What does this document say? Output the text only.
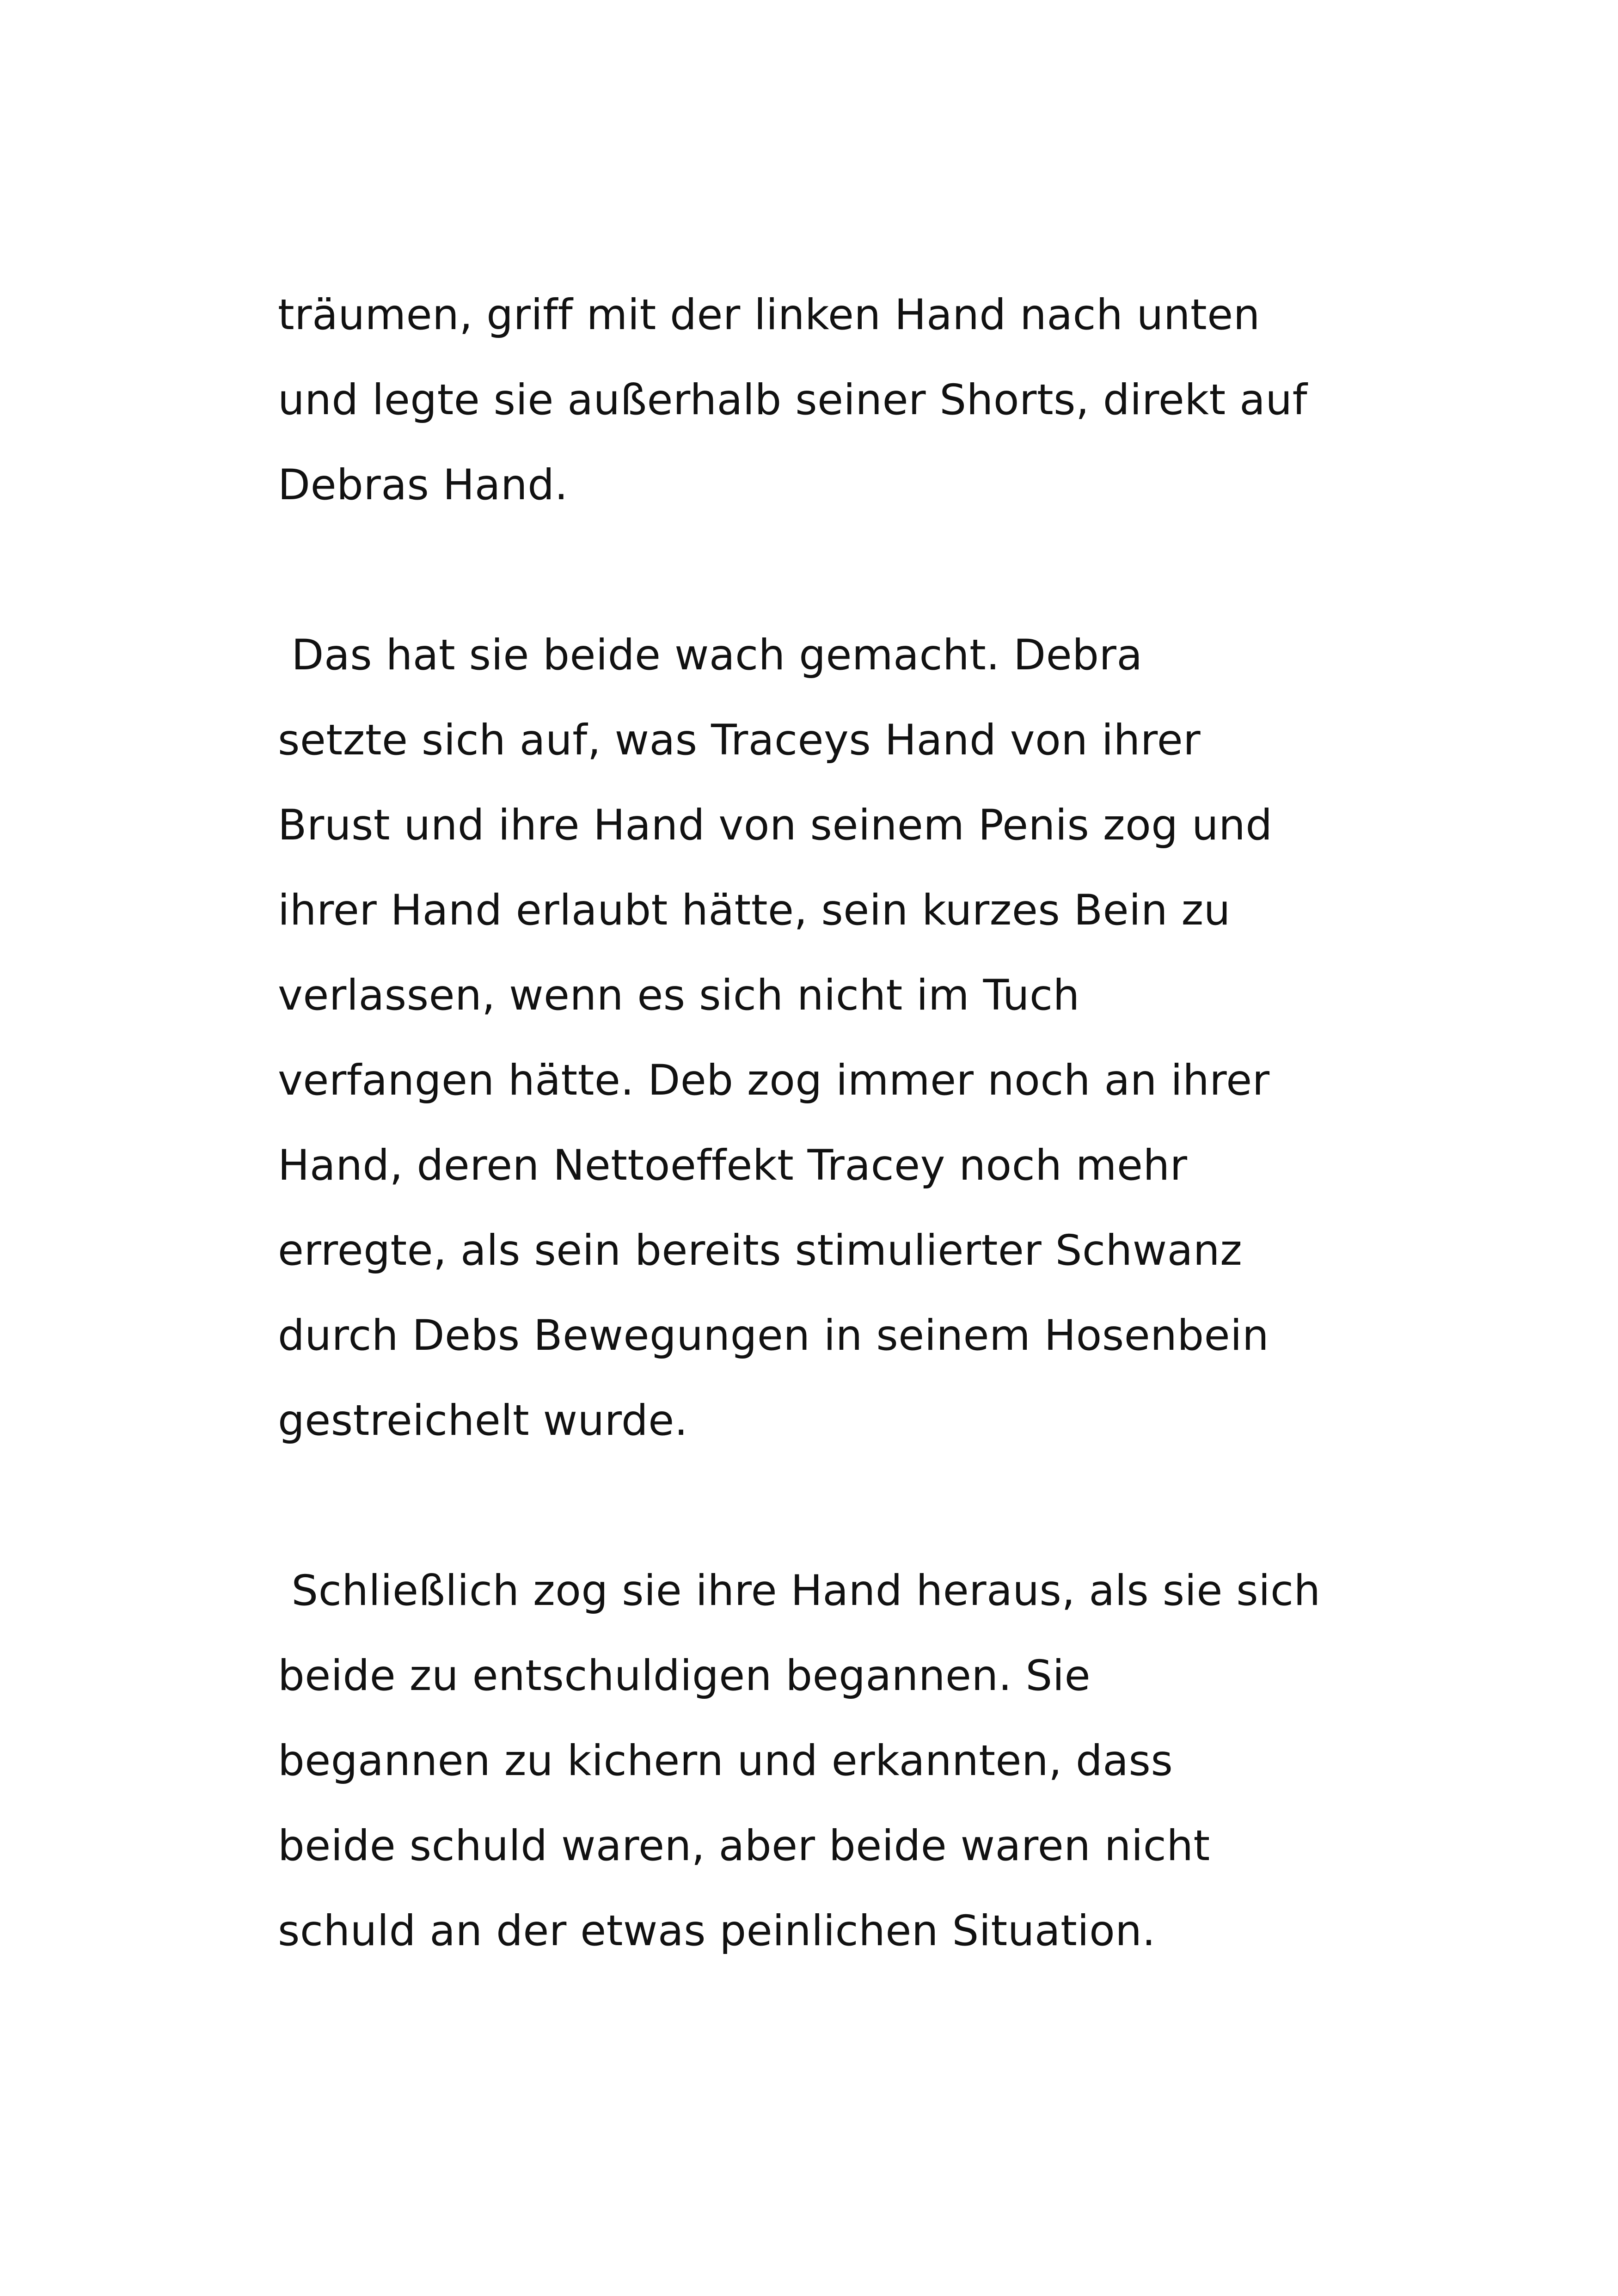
träumen, griff mit der linken Hand nach unten
und legte sie außerhalb seiner Shorts, direkt auf
Debras Hand.

Das hat sie beide wach gemacht. Debra
setzte sich auf, was Traceys Hand von ihrer
Brust und ihre Hand von seinem Penis zog und
ihrer Hand erlaubt hätte, sein kurzes Bein zu
verlassen, wenn es sich nicht im Tuch
verfangen hätte. Deb zog immer noch an ihrer
Hand, deren Nettoeffekt Tracey noch mehr
erregte, als sein bereits stimulierter Schwanz
durch Debs Bewegungen in seinem Hosenbein
gestreichelt wurde.

Schließlich zog sie ihre Hand heraus, als sie sich
beide zu entschuldigen begannen. Sie
begannen zu kichern und erkannten, dass
beide schuld waren, aber beide waren nicht
schuld an der etwas peinlichen Situation.
